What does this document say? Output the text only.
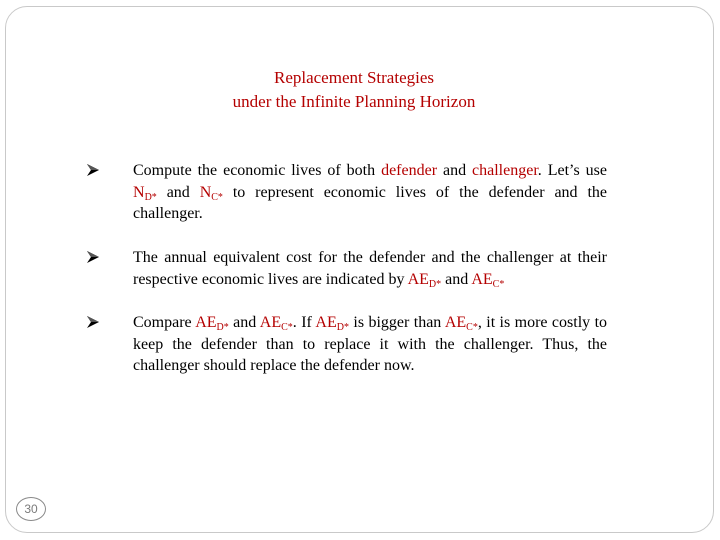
Replacement Strategies
under the Infinite Planning Horizon
Compute the economic lives of both defender and challenger. Let’s use $N_{D*}$ and $N_{C*}$ to represent economic lives of the defender and the challenger.
The annual equivalent cost for the defender and the challenger at their respective economic lives are indicated by $AE_{D*}$ and $AE_{C*}$
Compare $AE_{D*}$ and $AE_{C*}$. If $AE_{D*}$ is bigger than $AE_{C*}$, it is more costly to keep the defender than to replace it with the challenger. Thus, the challenger should replace the defender now.
30
